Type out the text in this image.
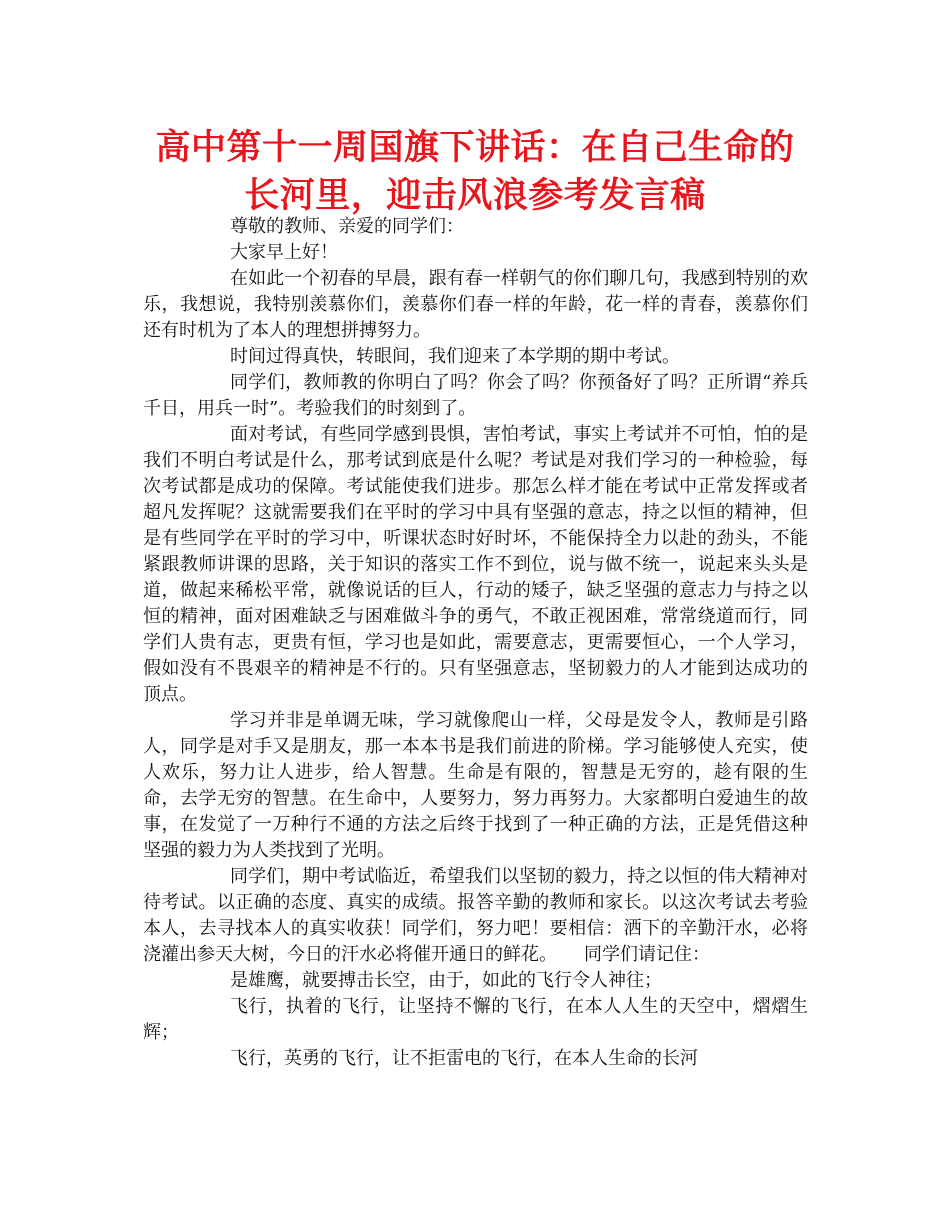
高中第十一周国旗下讲话：在自己生命的
长河里，迎击风浪参考发言稿

尊敬的教师、亲爱的同学们：

大家早上好！

在如此一个初春的早晨，跟有春一样朝气的你们聊几句，我感到特别的欢乐，我想说，我特别羡慕你们，羡慕你们春一样的年龄，花一样的青春，羡慕你们还有时机为了本人的理想拼搏努力。

时间过得真快，转眼间，我们迎来了本学期的期中考试。

同学们，教师教的你明白了吗？你会了吗？你预备好了吗？正所谓“养兵千日，用兵一时”。考验我们的时刻到了。

面对考试，有些同学感到畏惧，害怕考试，事实上考试并不可怕，怕的是我们不明白考试是什么，那考试到底是什么呢？考试是对我们学习的一种检验，每次考试都是成功的保障。考试能使我们进步。那怎么样才能在考试中正常发挥或者超凡发挥呢？这就需要我们在平时的学习中具有坚强的意志，持之以恒的精神，但是有些同学在平时的学习中，听课状态时好时坏，不能保持全力以赴的劲头，不能紧跟教师讲课的思路，关于知识的落实工作不到位，说与做不统一，说起来头头是道，做起来稀松平常，就像说话的巨人，行动的矮子，缺乏坚强的意志力与持之以恒的精神，面对困难缺乏与困难做斗争的勇气，不敢正视困难，常常绕道而行，同学们人贵有志，更贵有恒，学习也是如此，需要意志，更需要恒心，一个人学习，假如没有不畏艰辛的精神是不行的。只有坚强意志，坚韧毅力的人才能到达成功的顶点。

学习并非是单调无味，学习就像爬山一样，父母是发令人，教师是引路人，同学是对手又是朋友，那一本本书是我们前进的阶梯。学习能够使人充实，使人欢乐，努力让人进步，给人智慧。生命是有限的，智慧是无穷的，趁有限的生命，去学无穷的智慧。在生命中，人要努力，努力再努力。大家都明白爱迪生的故事，在发觉了一万种行不通的方法之后终于找到了一种正确的方法，正是凭借这种坚强的毅力为人类找到了光明。

同学们，期中考试临近，希望我们以坚韧的毅力，持之以恒的伟大精神对待考试。以正确的态度、真实的成绩。报答辛勤的教师和家长。以这次考试去考验本人，去寻找本人的真实收获！同学们，努力吧！要相信：洒下的辛勤汗水，必将浇灌出参天大树，今日的汗水必将催开通日的鲜花。　　同学们请记住：

是雄鹰，就要搏击长空，由于，如此的飞行令人神往；

飞行，执着的飞行，让坚持不懈的飞行，在本人人生的天空中，熠熠生辉；

飞行，英勇的飞行，让不拒雷电的飞行，在本人生命的长河
